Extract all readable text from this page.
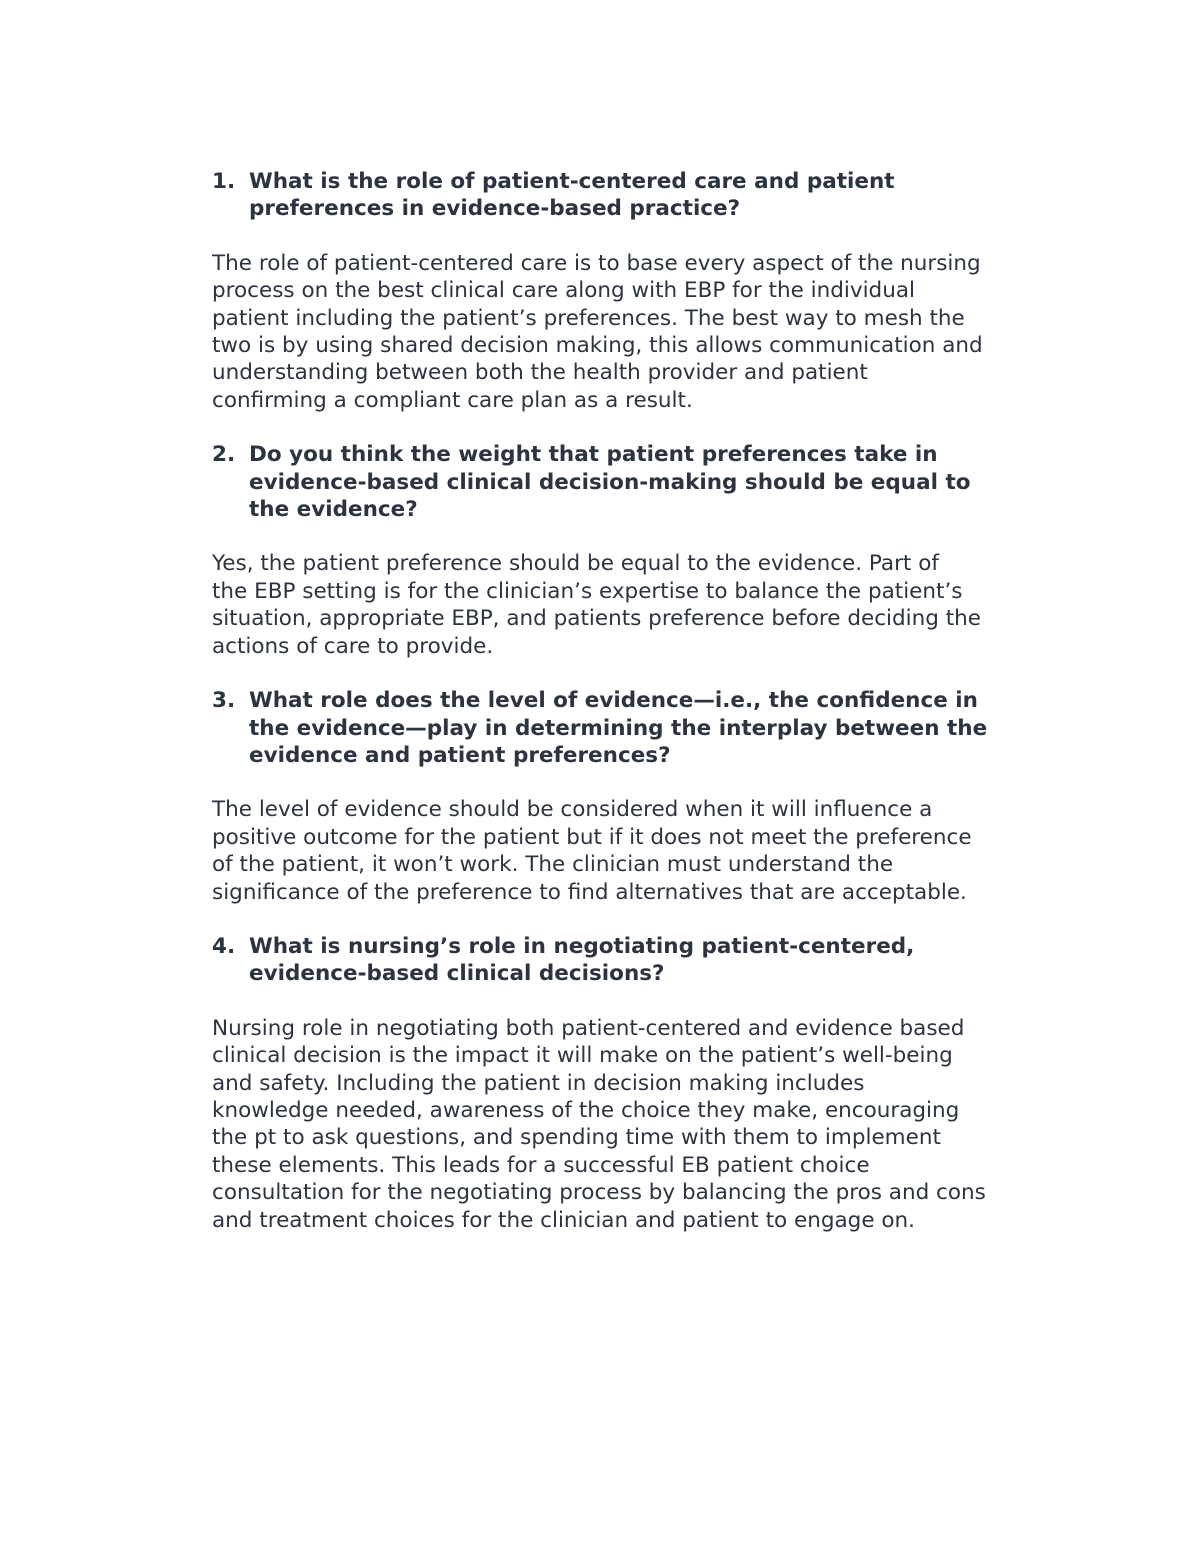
1. What is the role of patient-centered care and patient
preferences in evidence-based practice?
The role of patient-centered care is to base every aspect of the nursing
process on the best clinical care along with EBP for the individual
patient including the patient’s preferences. The best way to mesh the
two is by using shared decision making, this allows communication and
understanding between both the health provider and patient
confirming a compliant care plan as a result.
2. Do you think the weight that patient preferences take in
evidence-based clinical decision-making should be equal to
the evidence?
Yes, the patient preference should be equal to the evidence. Part of
the EBP setting is for the clinician’s expertise to balance the patient’s
situation, appropriate EBP, and patients preference before deciding the
actions of care to provide.
3. What role does the level of evidence—i.e., the confidence in
the evidence—play in determining the interplay between the
evidence and patient preferences?
The level of evidence should be considered when it will influence a
positive outcome for the patient but if it does not meet the preference
of the patient, it won’t work. The clinician must understand the
significance of the preference to find alternatives that are acceptable.
4. What is nursing’s role in negotiating patient-centered,
evidence-based clinical decisions?
Nursing role in negotiating both patient-centered and evidence based
clinical decision is the impact it will make on the patient’s well-being
and safety. Including the patient in decision making includes
knowledge needed, awareness of the choice they make, encouraging
the pt to ask questions, and spending time with them to implement
these elements. This leads for a successful EB patient choice
consultation for the negotiating process by balancing the pros and cons
and treatment choices for the clinician and patient to engage on.
